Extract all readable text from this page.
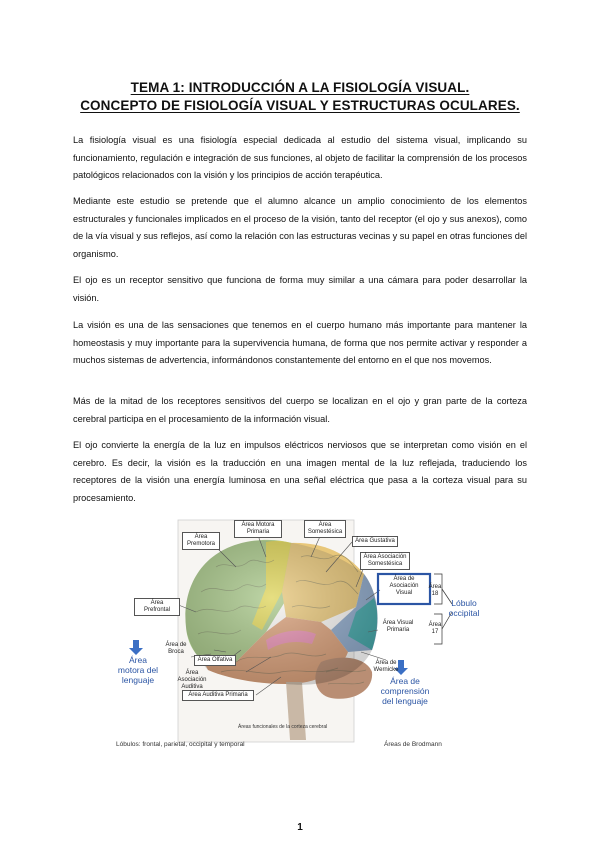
TEMA 1: INTRODUCCIÓN A LA FISIOLOGÍA VISUAL.
CONCEPTO DE FISIOLOGÍA VISUAL Y ESTRUCTURAS OCULARES.

La fisiología visual es una fisiología especial dedicada al estudio del sistema visual, implicando su funcionamiento, regulación e integración de sus funciones, al objeto de facilitar la comprensión de los procesos patológicos relacionados con la visión y los principios de acción terapéutica.

Mediante este estudio se pretende que el alumno alcance un amplio conocimiento de los elementos estructurales y funcionales implicados en el proceso de la visión, tanto del receptor (el ojo y sus anexos), como de la vía visual y sus reflejos, así como la relación con las estructuras vecinas y su papel en otras funciones del organismo.

El ojo es un receptor sensitivo que funciona de forma muy similar a una cámara para poder desarrollar la visión.

La visión es una de las sensaciones que tenemos en el cuerpo humano más importante para mantener la homeostasis y muy importante para la supervivencia humana, de forma que nos permite activar y responder a muchos sistemas de advertencia, informándonos constantemente del entorno en el que nos movemos.

Más de la mitad de los receptores sensitivos del cuerpo se localizan en el ojo y gran parte de la corteza cerebral participa en el procesamiento de la información visual.

El ojo convierte la energía de la luz en impulsos eléctricos nerviosos que se interpretan como visión en el cerebro. Es decir, la visión es la traducción en una imagen mental de la luz reflejada, traduciendo los receptores de la visión una energía luminosa en una señal eléctrica que pasa a la corteza visual para su procesamiento.

Área Motora Primaria
Área Premotora
Área Somestésica
Área Gustativa
Área Asociación Somestésica
Área Prefrontal
Área de Asociación Visual
Área 18
Lóbulo occipital
Área Visual Primaria
Área 17
Área de Broca
Área Olfativa
Área motora del lenguaje
Área Asociación Auditiva
Área de Wernicke
Área Auditiva Primaria
Área de comprensión del lenguaje
Áreas funcionales de la corteza cerebral
Lóbulos: frontal, parietal, occipital y temporal	Áreas de Brodmann
1
